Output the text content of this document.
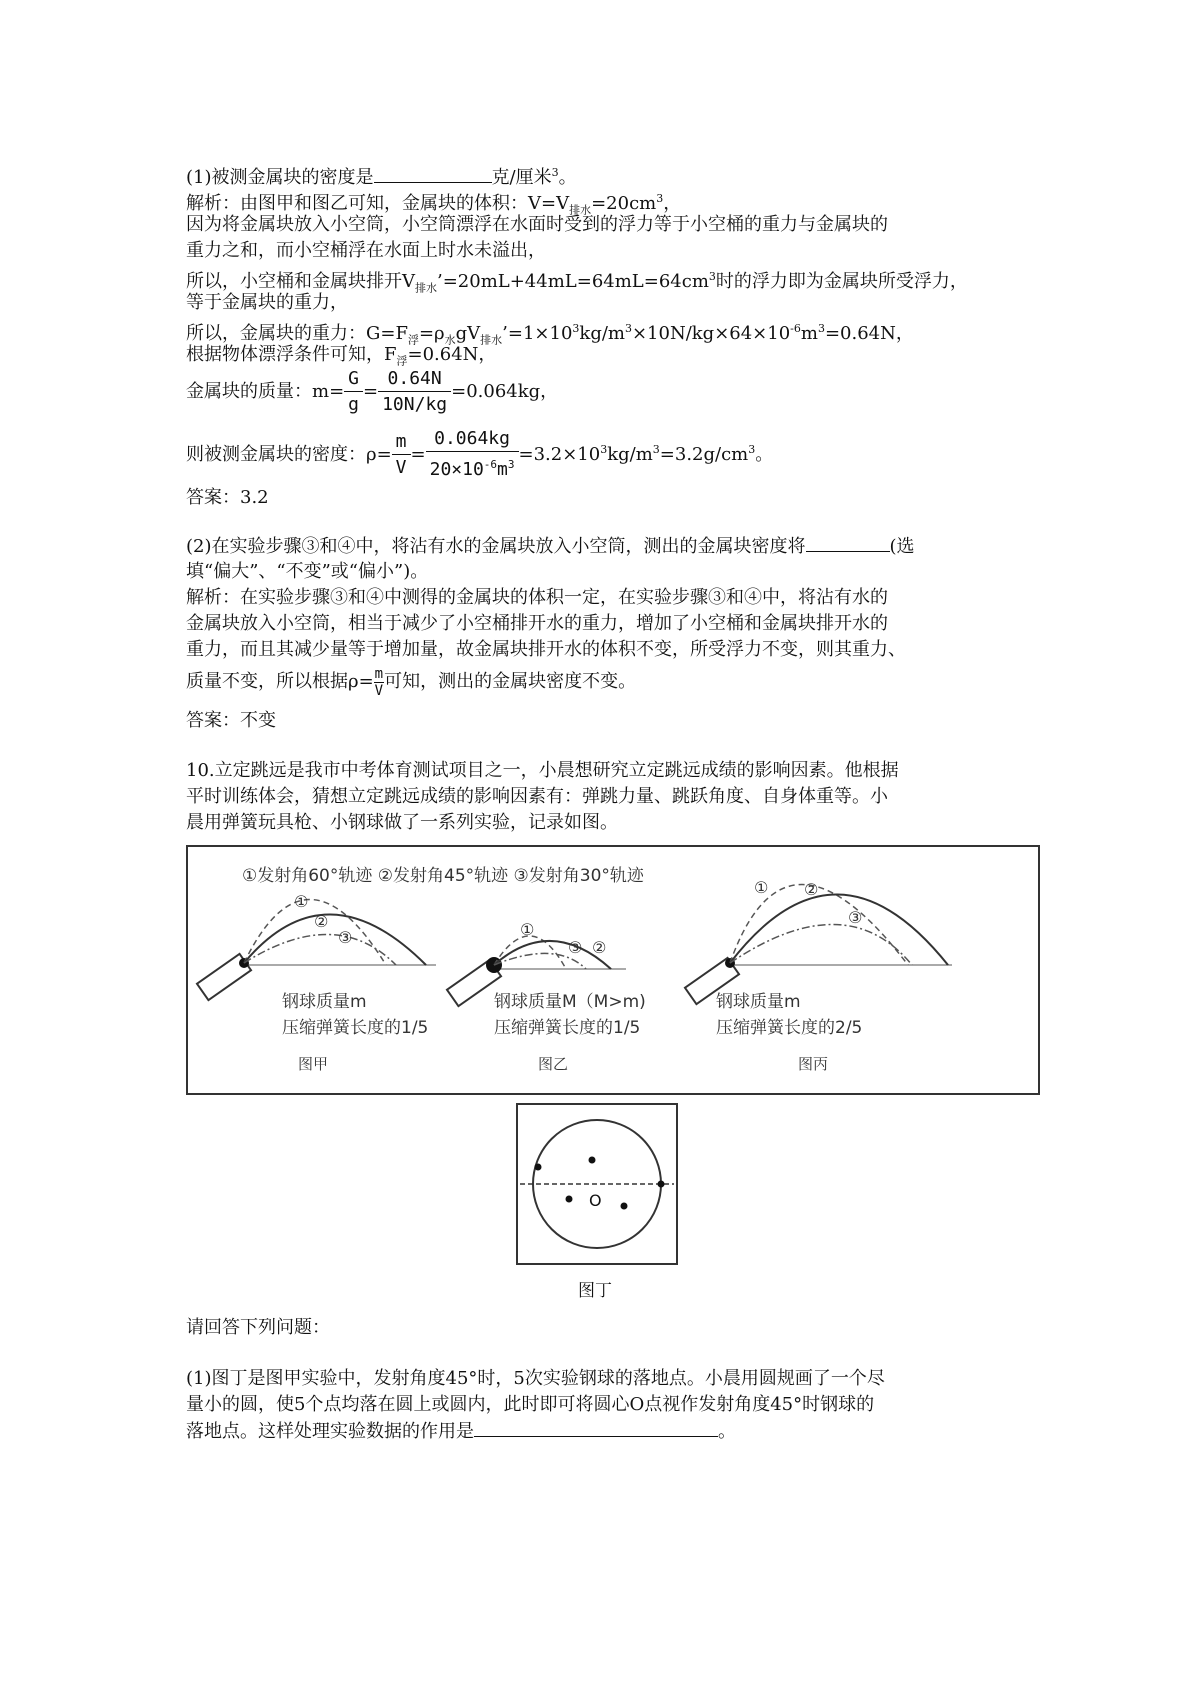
(1)被测金属块的密度是	克/厘米$^3$。
解析：由图甲和图乙可知，金属块的体积：$V=V_{排水}=20cm^3$，
因为将金属块放入小空筒，小空筒漂浮在水面时受到的浮力等于小空桶的重力与金属块的
重力之和，而小空桶浮在水面上时水未溢出，
所以，小空桶和金属块排开$V_{排水}’=20mL+44mL=64mL=64cm^3$时的浮力即为金属块所受浮力，
等于金属块的重力，
所以，金属块的重力：$G=F_浮=\rho_水gV_{排水}’=1\times 10^3kg/m^3\times 10N/kg\times 64\times 10^{-6}m^3=0.64N$，
根据物体漂浮条件可知，$F_浮=0.64N$，
金属块的质量：$m= \frac{G}{g} = \frac{0.64N}{10N/kg} =0.064kg$，
则被测金属块的密度：$\rho= \frac{m}{V} = \frac{0.064kg}{20\times 10^{-6}m^3} =3.2\times 10^3kg/m^3=3.2g/cm^3$。
答案：3.2
(2)在实验步骤③和④中，将沾有水的金属块放入小空筒，测出的金属块密度将	(选
填“偏大”、“不变”或“偏小”)。
解析：在实验步骤③和④中测得的金属块的体积一定，在实验步骤③和④中，将沾有水的
金属块放入小空筒，相当于减少了小空桶排开水的重力，增加了小空桶和金属块排开水的
重力，而且其减少量等于增加量，故金属块排开水的体积不变，所受浮力不变，则其重力、
质量不变，所以根据$\rho= \frac{m}{V}$ 可知，测出的金属块密度不变。
答案：不变
10.立定跳远是我市中考体育测试项目之一，小晨想研究立定跳远成绩的影响因素。他根据
平时训练体会，猜想立定跳远成绩的影响因素有：弹跳力量、跳跃角度、自身体重等。小
晨用弹簧玩具枪、小钢球做了一系列实验，记录如图。
①发射角60°轨迹 ②发射角45°轨迹 ③发射角30°轨迹
①
②
③
钢球质量m
压缩弹簧长度的1/5
图甲
①
③ ②
钢球质量M（M>m)
压缩弹簧长度的1/5
图乙
① ②
③
钢球质量m
压缩弹簧长度的2/5
图丙
O
图丁
请回答下列问题：
(1)图丁是图甲实验中，发射角度45°时，5次实验钢球的落地点。小晨用圆规画了一个尽
量小的圆，使5个点均落在圆上或圆内，此时即可将圆心O点视作发射角度45°时钢球的
落地点。这样处理实验数据的作用是	。
